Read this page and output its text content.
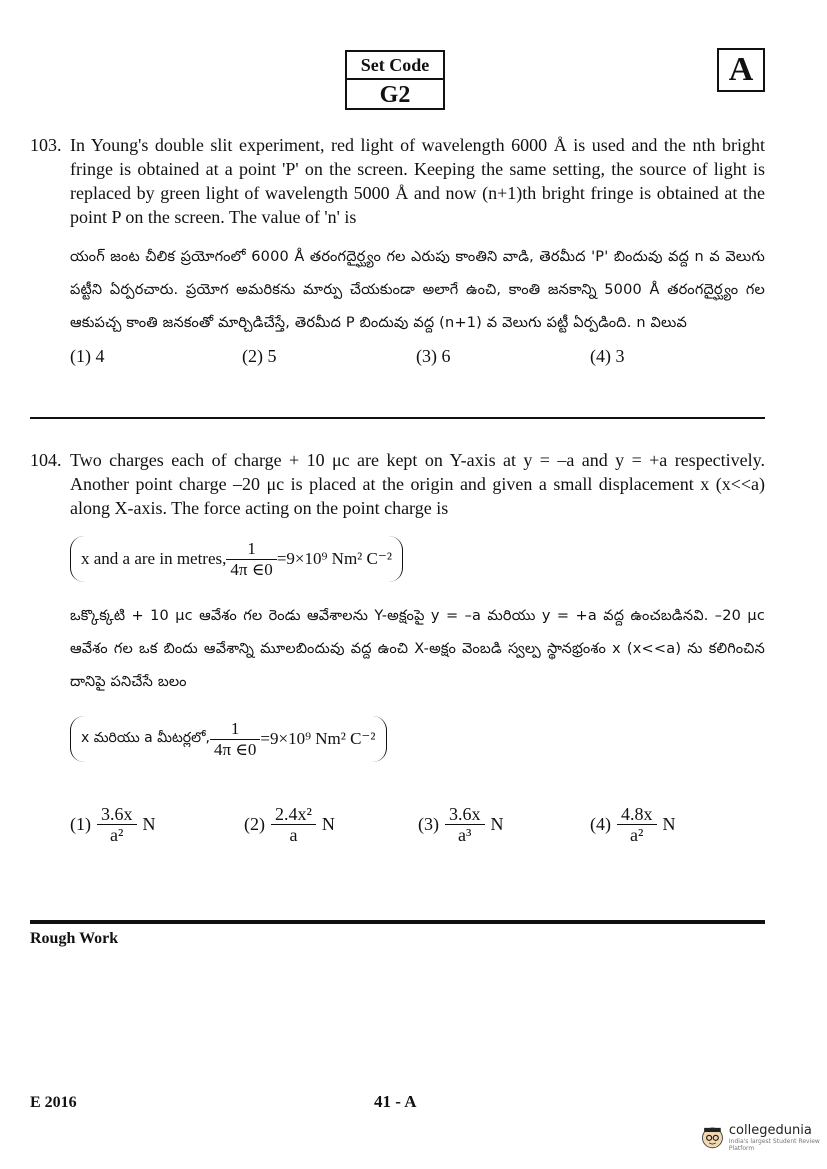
Set Code
G2
A
103. In Young's double slit experiment, red light of wavelength 6000 Å is used and the nth bright fringe is obtained at a point 'P' on the screen. Keeping the same setting, the source of light is replaced by green light of wavelength 5000 Å and now (n+1)th bright fringe is obtained at the point P on the screen. The value of 'n' is
యంగ్ జంట చీలిక ప్రయోగంలో 6000 Å తరంగదైర్ఘ్యం గల ఎరుపు కాంతిని వాడి, తెరమీద 'P' బిందువు వద్ద n వ వెలుగు పట్టీని ఏర్పరచారు. ప్రయోగ అమరికను మార్పు చేయకుండా అలాగే ఉంచి, కాంతి జనకాన్ని 5000 Å తరంగదైర్ఘ్యం గల ఆకుపచ్చ కాంతి జనకంతో మార్చిడిచేస్తే, తెరమీద P బిందువు వద్ద (n+1) వ వెలుగు పట్టీ ఏర్పడింది. n విలువ
(1) 4	(2) 5	(3) 6	(4) 3
104. Two charges each of charge + 10 μc are kept on Y-axis at y = –a and y = +a respectively. Another point charge –20 μc is placed at the origin and given a small displacement x (x<<a) along X-axis. The force acting on the point charge is
x and a are in metres, $\frac{1}{4\pi \in 0} =9\times 10^9$ Nm² C⁻²
ఒక్కొక్కటి + 10 μc ఆవేశం గల రెండు ఆవేశాలను Y-అక్షంపై y = –a మరియు y = +a వద్ద ఉంచబడినవి. –20 μc ఆవేశం గల ఒక బిందు ఆవేశాన్ని మూలబిందువు వద్ద ఉంచి X-అక్షం వెంబడి స్వల్ప స్థానభ్రంశం x (x<<a) ను కలిగించిన దానిపై పనిచేసే బలం
x మరియు a మీటర్లలో, $\frac{1}{4\pi \in 0} =9\times 10^9$ Nm² C⁻²
$(1) \frac{3.6x}{\text{a²}}$ N	$(2) \frac{\text{2.4x²}}{a}$ N	$(3) \frac{3.6x}{\text{a³}}$ N	$(4) \frac{4.8x}{\text{a²}}$ N
Rough Work
E 2016	41 - A
collegedunia
India's largest Student Review Platform
